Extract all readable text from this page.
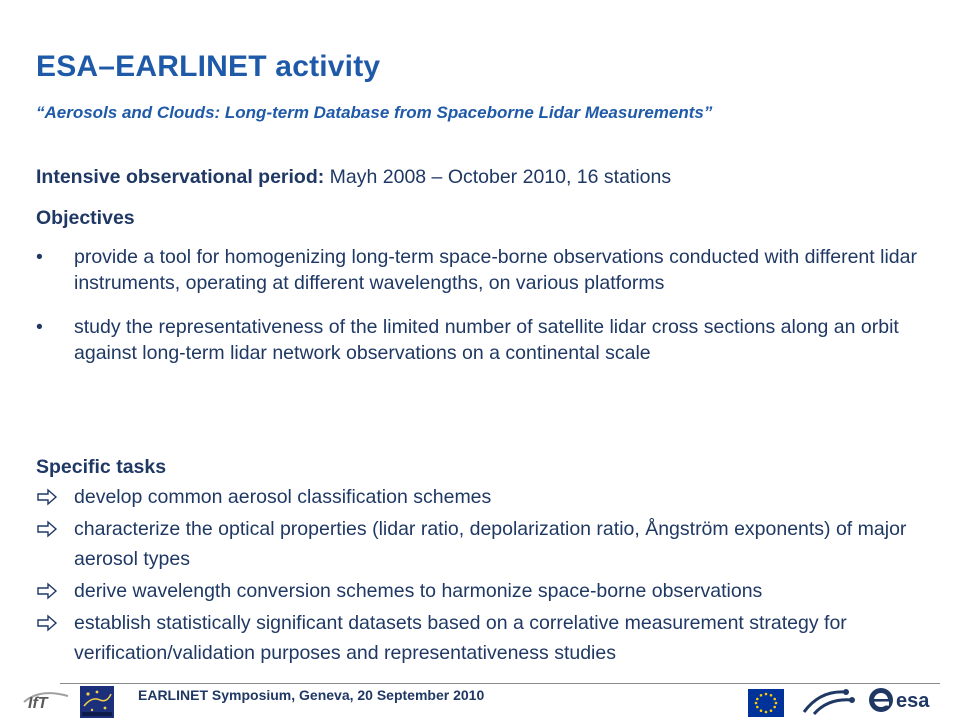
ESA–EARLINET activity
“Aerosols and Clouds: Long-term Database from Spaceborne Lidar Measurements”
Intensive observational period: Mayh 2008 – October 2010, 16 stations
Objectives
• provide a tool for homogenizing long-term space-borne observations conducted with different lidar instruments, operating at different wavelengths, on various platforms
• study the representativeness of the limited number of satellite lidar cross sections along an orbit against long-term lidar network observations on a continental scale
Specific tasks
develop common aerosol classification schemes
characterize the optical properties (lidar ratio, depolarization ratio, Ångström exponents) of major aerosol types
derive wavelength conversion schemes to harmonize space-borne observations
establish statistically significant datasets based on a correlative measurement strategy for verification/validation purposes and representativeness studies
IfT	EARLINET Symposium, Geneva, 20 September 2010	esa
